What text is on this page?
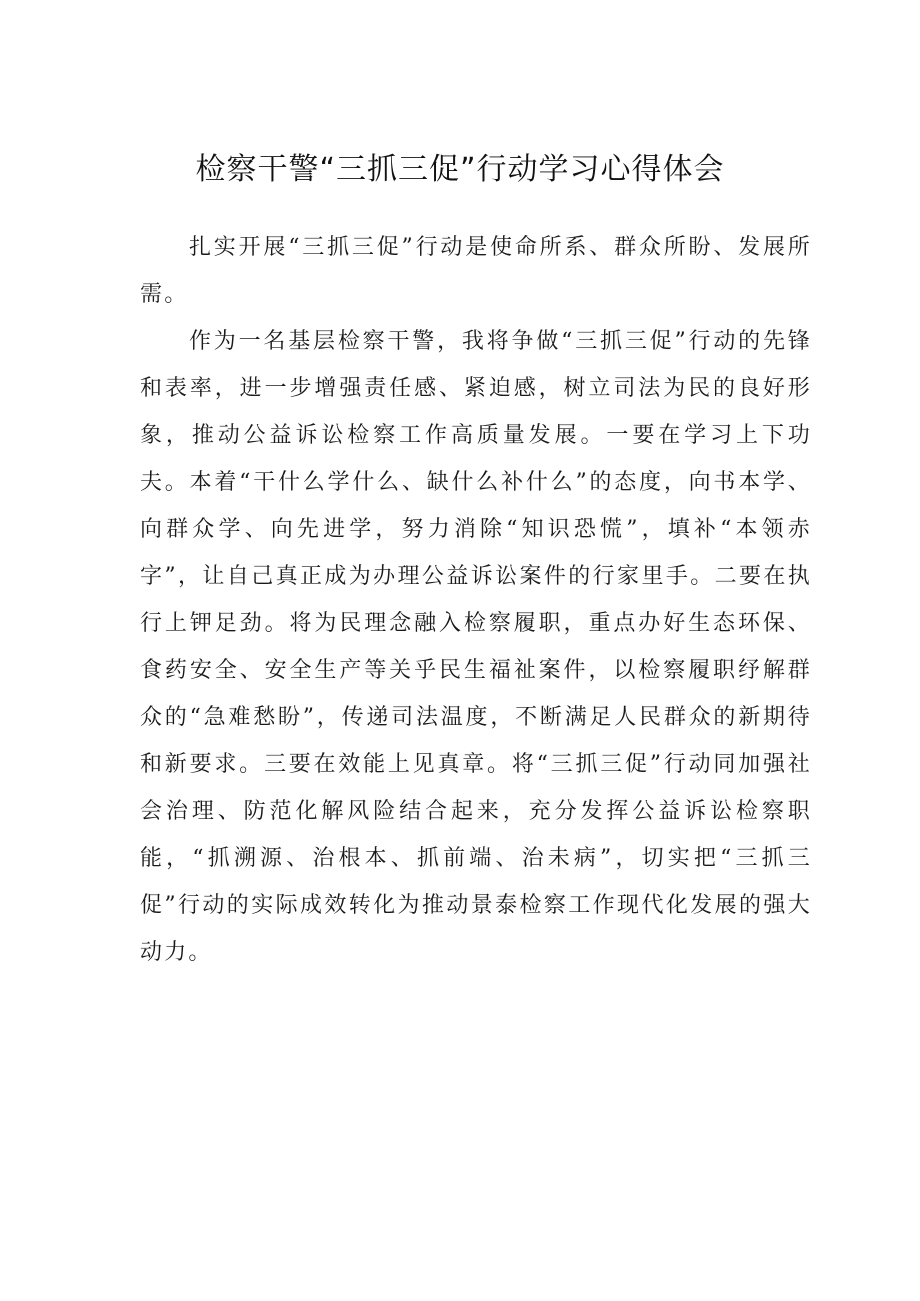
检察干警“三抓三促”行动学习心得体会

扎实开展“三抓三促”行动是使命所系、群众所盼、发展所需。

作为一名基层检察干警，我将争做“三抓三促”行动的先锋和表率，进一步增强责任感、紧迫感，树立司法为民的良好形象，推动公益诉讼检察工作高质量发展。一要在学习上下功夫。本着“干什么学什么、缺什么补什么”的态度，向书本学、向群众学、向先进学，努力消除“知识恐慌”，填补“本领赤字”，让自己真正成为办理公益诉讼案件的行家里手。二要在执行上钾足劲。将为民理念融入检察履职，重点办好生态环保、食药安全、安全生产等关乎民生福祉案件，以检察履职纾解群众的“急难愁盼”，传递司法温度，不断满足人民群众的新期待和新要求。三要在效能上见真章。将“三抓三促”行动同加强社会治理、防范化解风险结合起来，充分发挥公益诉讼检察职能，“抓溯源、治根本、抓前端、治未病”，切实把“三抓三促”行动的实际成效转化为推动景泰检察工作现代化发展的强大动力。
